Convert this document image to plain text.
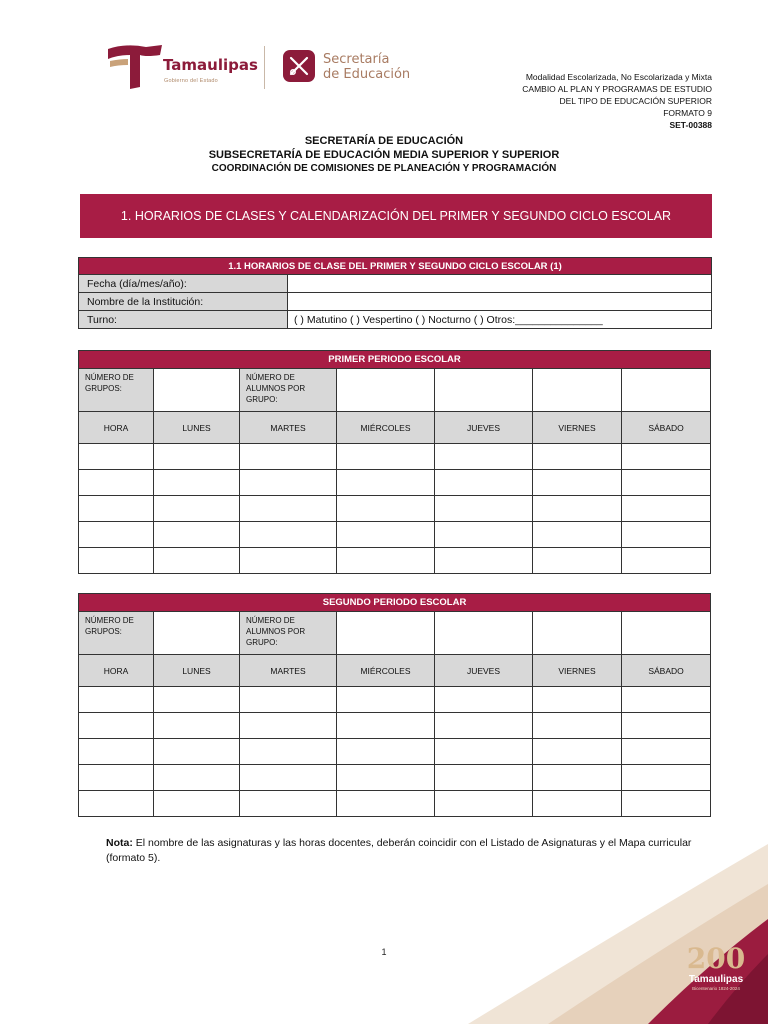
Tamaulipas
Gobierno del Estado
Secretaría
de Educación	Modalidad Escolarizada, No Escolarizada y Mixta
CAMBIO AL PLAN Y PROGRAMAS DE ESTUDIO
DEL TIPO DE EDUCACIÓN SUPERIOR
FORMATO 9
SET-00388
SECRETARÍA DE EDUCACIÓN
SUBSECRETARÍA DE EDUCACIÓN MEDIA SUPERIOR Y SUPERIOR
COORDINACIÓN DE COMISIONES DE PLANEACIÓN Y PROGRAMACIÓN
1. HORARIOS DE CLASES Y CALENDARIZACIÓN DEL PRIMER Y SEGUNDO CICLO ESCOLAR
1.1 HORARIOS DE CLASE DEL PRIMER Y SEGUNDO CICLO ESCOLAR (1)	
Fecha (día/mes/año):	
Nombre de la Institución:	
Turno:	( ) Matutino ( ) Vespertino ( ) Nocturno ( ) Otros:_______________
PRIMER PERIODO ESCOLAR						
NÚMERO DE GRUPOS:		NÚMERO DE ALUMNOS POR GRUPO:				
HORA	LUNES	MARTES	MIÉRCOLES	JUEVES	VIERNES	SÁBADO

SEGUNDO PERIODO ESCOLAR						
NÚMERO DE GRUPOS:		NÚMERO DE ALUMNOS POR GRUPO:				
HORA	LUNES	MARTES	MIÉRCOLES	JUEVES	VIERNES	SÁBADO

Nota: El nombre de las asignaturas y las horas docentes, deberán coincidir con el Listado de Asignaturas y el Mapa curricular (formato 5).
1	200
Tamaulipas
Bicentenario 1824-2024
